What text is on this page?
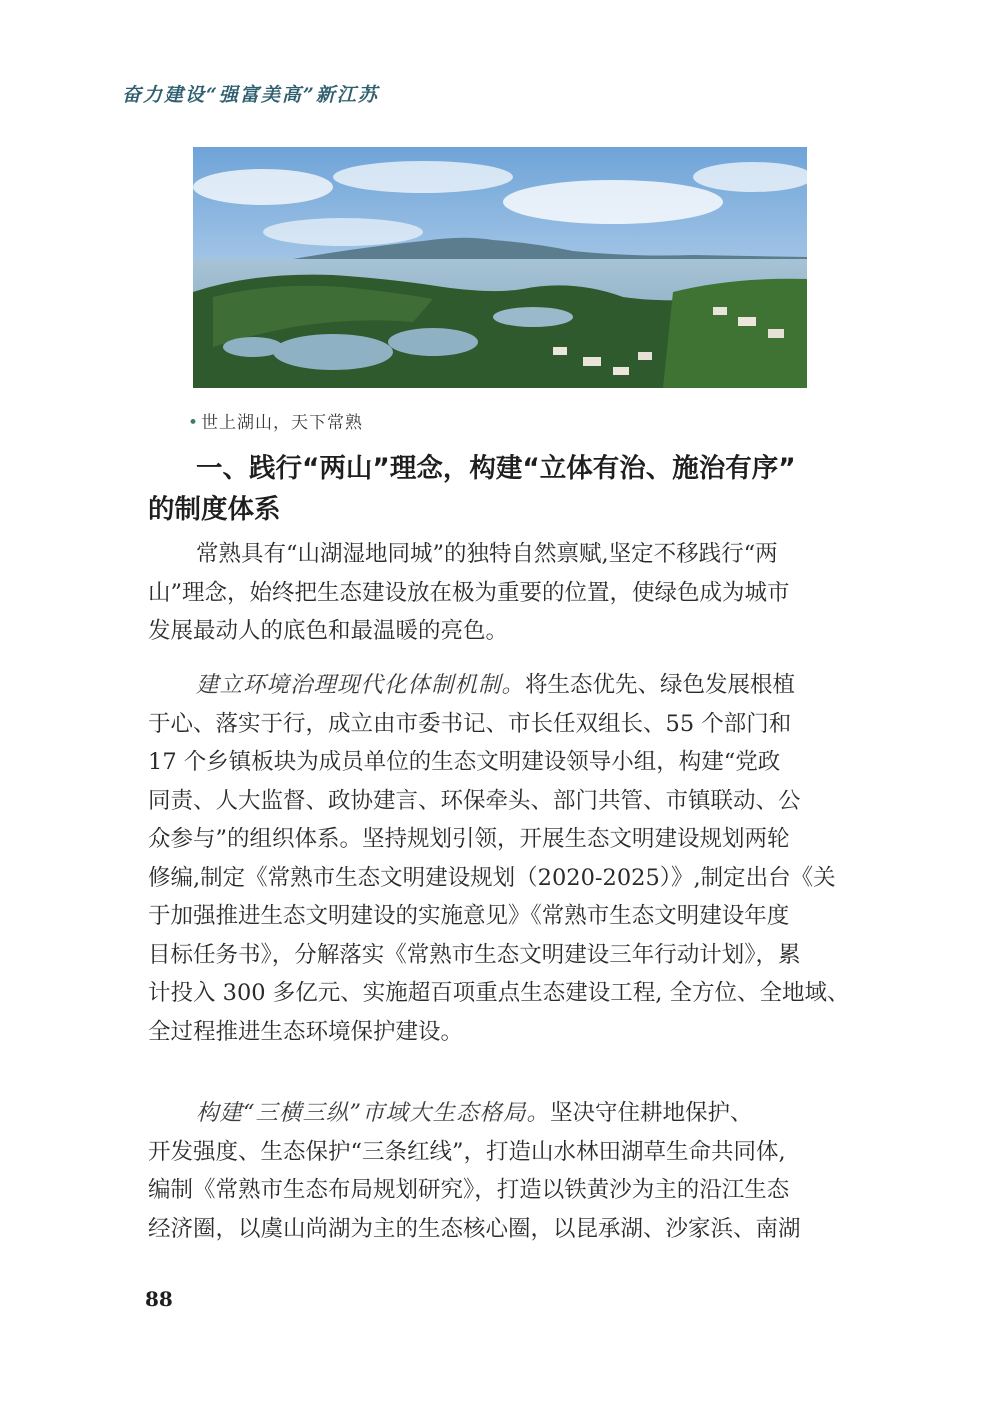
奋力建设“强富美高”新江苏
• 世上湖山，天下常熟
一、践行“两山”理念，构建“立体有治、施治有序”
的制度体系

常熟具有“山湖湿地同城”的独特自然禀赋,坚定不移践行“两
山”理念，始终把生态建设放在极为重要的位置，使绿色成为城市
发展最动人的底色和最温暖的亮色。

建立环境治理现代化体制机制。将生态优先、绿色发展根植
于心、落实于行，成立由市委书记、市长任双组长、55 个部门和
17 个乡镇板块为成员单位的生态文明建设领导小组，构建“党政
同责、人大监督、政协建言、环保牵头、部门共管、市镇联动、公
众参与”的组织体系。坚持规划引领，开展生态文明建设规划两轮
修编,制定《常熟市生态文明建设规划（2020-2025）》,制定出台《关
于加强推进生态文明建设的实施意见》《常熟市生态文明建设年度
目标任务书》，分解落实《常熟市生态文明建设三年行动计划》，累
计投入 300 多亿元、实施超百项重点生态建设工程, 全方位、全地域、
全过程推进生态环境保护建设。

构建“三横三纵”市域大生态格局。坚决守住耕地保护、
开发强度、生态保护“三条红线”，打造山水林田湖草生命共同体,
编制《常熟市生态布局规划研究》，打造以铁黄沙为主的沿江生态
经济圈，以虞山尚湖为主的生态核心圈，以昆承湖、沙家浜、南湖

88
